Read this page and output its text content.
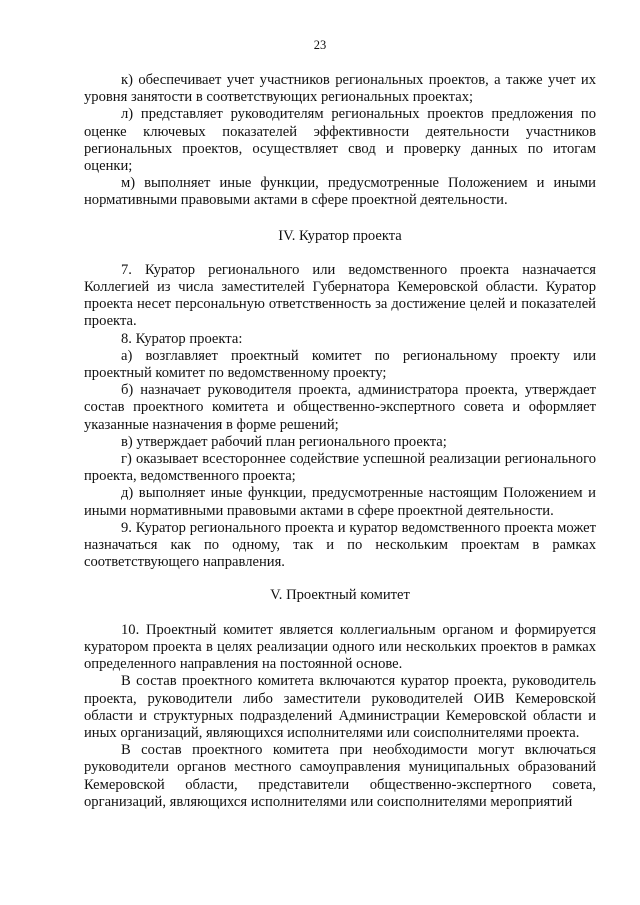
23

к) обеспечивает учет участников региональных проектов, а также учет их уровня занятости в соответствующих региональных проектах;

л) представляет руководителям региональных проектов предложения по оценке ключевых показателей эффективности деятельности участников региональных проектов, осуществляет свод и проверку данных по итогам оценки;

м) выполняет иные функции, предусмотренные Положением и иными нормативными правовыми актами в сфере проектной деятельности.

IV. Куратор проекта

7. Куратор регионального или ведомственного проекта назначается Коллегией из числа заместителей Губернатора Кемеровской области. Куратор проекта несет персональную ответственность за достижение целей и показателей проекта.

8. Куратор проекта:

а) возглавляет проектный комитет по региональному проекту или проектный комитет по ведомственному проекту;

б) назначает руководителя проекта, администратора проекта, утверждает состав проектного комитета и общественно-экспертного совета и оформляет указанные назначения в форме решений;

в) утверждает рабочий план регионального проекта;

г) оказывает всестороннее содействие успешной реализации регионального проекта, ведомственного проекта;

д) выполняет иные функции, предусмотренные настоящим Положением и иными нормативными правовыми актами в сфере проектной деятельности.

9. Куратор регионального проекта и куратор ведомственного проекта может назначаться как по одному, так и по нескольким проектам в рамках соответствующего направления.

V. Проектный комитет

10. Проектный комитет является коллегиальным органом и формируется куратором проекта в целях реализации одного или нескольких проектов в рамках определенного направления на постоянной основе.

В состав проектного комитета включаются куратор проекта, руководитель проекта, руководители либо заместители руководителей ОИВ Кемеровской области и структурных подразделений Администрации Кемеровской области и иных организаций, являющихся исполнителями или соисполнителями проекта.

В состав проектного комитета при необходимости могут включаться руководители органов местного самоуправления муниципальных образований Кемеровской области, представители общественно-экспертного совета, организаций, являющихся исполнителями или соисполнителями мероприятий
